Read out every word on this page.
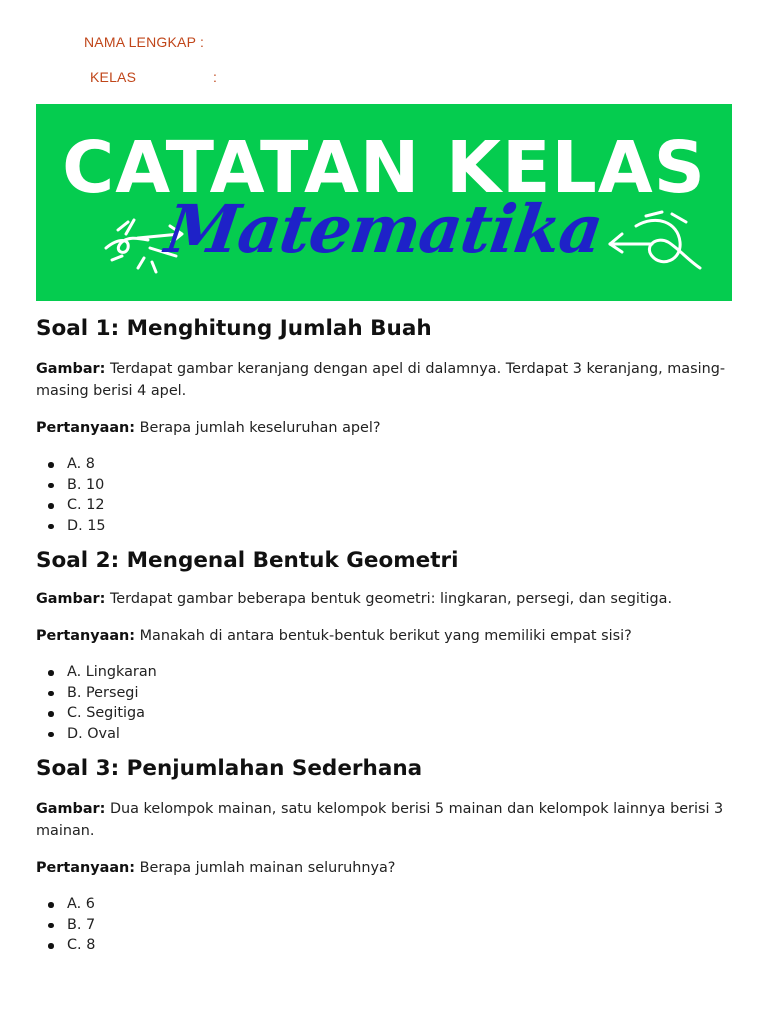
NAMA LENGKAP :
KELAS	:
CATATAN KELAS
Matematika
Soal 1: Menghitung Jumlah Buah

Gambar: Terdapat gambar keranjang dengan apel di dalamnya. Terdapat 3 keranjang, masing-masing berisi 4 apel.

Pertanyaan: Berapa jumlah keseluruhan apel?

A. 8
B. 10
C. 12
D. 15
Soal 2: Mengenal Bentuk Geometri

Gambar: Terdapat gambar beberapa bentuk geometri: lingkaran, persegi, dan segitiga.

Pertanyaan: Manakah di antara bentuk-bentuk berikut yang memiliki empat sisi?

A. Lingkaran
B. Persegi
C. Segitiga
D. Oval
Soal 3: Penjumlahan Sederhana

Gambar: Dua kelompok mainan, satu kelompok berisi 5 mainan dan kelompok lainnya berisi 3 mainan.

Pertanyaan: Berapa jumlah mainan seluruhnya?

A. 6
B. 7
C. 8
